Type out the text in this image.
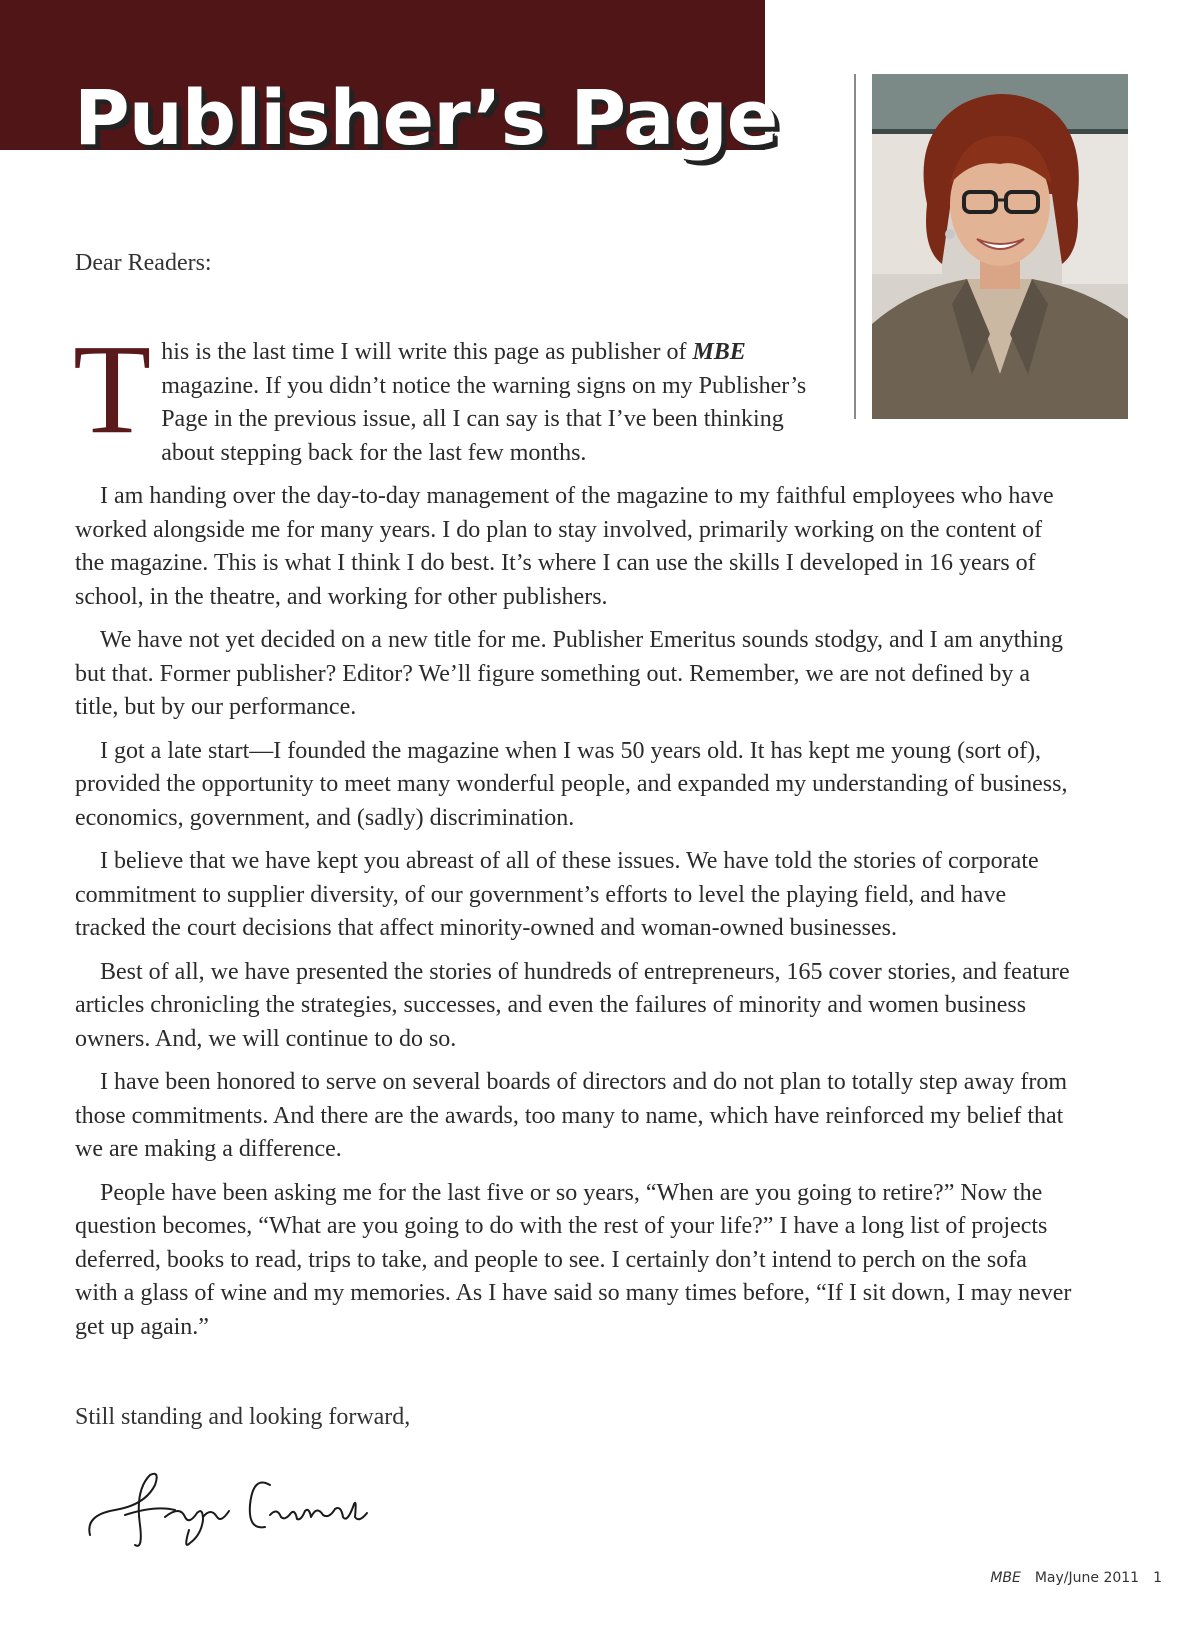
Publisher’s Page

Dear Readers:

T his is the last time I will write this page as publisher of MBE magazine. If you didn’t notice the warning signs on my Publisher’s Page in the previous issue, all I can say is that I’ve been thinking about stepping back for the last few months.

I am handing over the day-to-day management of the magazine to my faithful employees who have worked alongside me for many years. I do plan to stay involved, primarily working on the content of the magazine. This is what I think I do best. It’s where I can use the skills I developed in 16 years of school, in the theatre, and working for other publishers.

We have not yet decided on a new title for me. Publisher Emeritus sounds stodgy, and I am anything but that. Former publisher? Editor? We’ll figure something out. Remember, we are not defined by a title, but by our performance.

I got a late start—I founded the magazine when I was 50 years old. It has kept me young (sort of), provided the opportunity to meet many wonderful people, and expanded my understanding of business, economics, government, and (sadly) discrimination.

I believe that we have kept you abreast of all of these issues. We have told the stories of corporate commitment to supplier diversity, of our government’s efforts to level the playing field, and have tracked the court decisions that affect minority-owned and woman-owned businesses.

Best of all, we have presented the stories of hundreds of entrepreneurs, 165 cover stories, and feature articles chronicling the strategies, successes, and even the failures of minority and women business owners. And, we will continue to do so.

I have been honored to serve on several boards of directors and do not plan to totally step away from those commitments. And there are the awards, too many to name, which have reinforced my belief that we are making a difference.

People have been asking me for the last five or so years, “When are you going to retire?” Now the question becomes, “What are you going to do with the rest of your life?” I have a long list of projects deferred, books to read, trips to take, and people to see. I certainly don’t intend to perch on the sofa with a glass of wine and my memories. As I have said so many times before, “If I sit down, I may never get up again.”

Still standing and looking forward,

MBE May/June 2011 1
